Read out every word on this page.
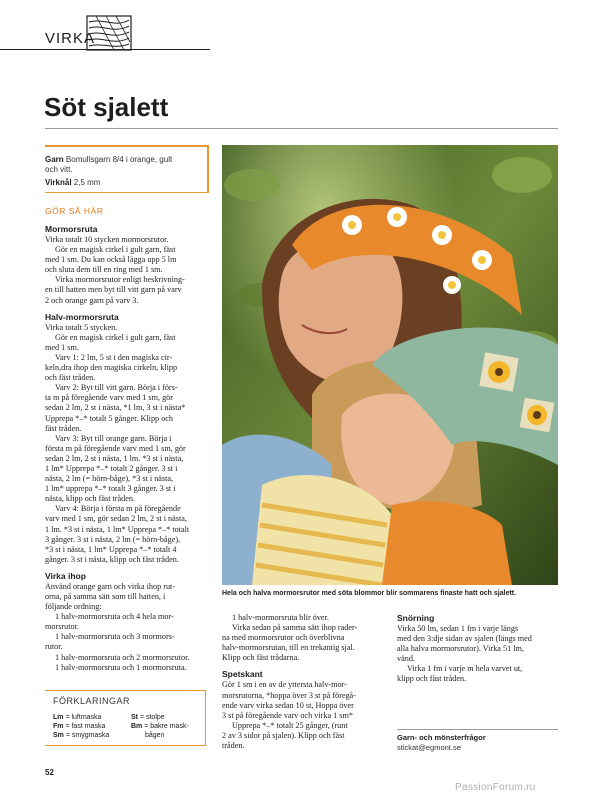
VIRKA
Söt sjalett
Garn Bomullsgarn 8/4 i orange, gult
och vitt.
Virknål 2,5 mm
GÖR SÅ HÄR
Mormorsruta

Virka totalt 10 stycken mormorsrutor.

Gör en magisk cirkel i gult garn, fäst

med 1 sm. Du kan också lägga upp 5 lm

och sluta dem till en ring med 1 sm.

Virka mormorsrutor enligt beskrivning-

en till hatten men byt till vitt garn på varv

2 och orange garn på varv 3.

Halv-mormorsruta

Virka totalt 5 stycken.

Gör en magisk cirkel i gult garn, fäst

med 1 sm.

Varv 1: 2 lm, 5 st i den magiska cir-

keln,dra ihop den magiska cirkeln, klipp

och fäst tråden.

Varv 2: Byt till vitt garn. Börja i förs-

ta m på föregående varv med 1 sm, gör

sedan 2 lm, 2 st i nästa, *1 lm, 3 st i nästa*

Upprepa *–* totalt 5 gånger. Klipp och

fäst tråden.

Varv 3: Byt till orange garn. Börja i

första m på föregående varv med 1 sm, gör

sedan 2 lm, 2 st i nästa, 1 lm. *3 st i nästa,

1 lm* Upprepa *–* totalt 2 gånger. 3 st i

nästa, 2 lm (= hörn-båge), *3 st i nästa,

1 lm* upprepa *–* totalt 3 gånger. 3 st i

nästa, klipp och fäst tråden.

Varv 4: Börja i första m på föregående

varv med 1 sm, gör sedan 2 lm, 2 st i nästa,

1 lm. *3 st i nästa, 1 lm* Upprepa *–* totalt

3 gånger. 3 st i nästa, 2 lm (= hörn-båge),

*3 st i nästa, 1 lm* Upprepa *–* totalt 4

gånger. 3 st i nästa, klipp och fäst tråden.

Virka ihop

Använd orange garn och virka ihop rut-

orna, på samma sätt som till hatten, i

följande ordning:

1 halv-mormorsruta och 4 hela mor-

morsrutor.

1 halv-mormorsruta och 3 mormors-

rutor.

1 halv-mormorsruta och 2 mormorsrutor.

1 halv-mormorsruta och 1 mormorsruta.

Hela och halva mormorsrutor med söta blommor blir sommarens finaste hatt och sjalett.

1 halv-mormorsruta blir över.

Virka sedan på samma sätt ihop rader-

na med mormorsrutor och överblivna

halv-mormorsrutan, till en trekantig sjal.

Klipp och fäst trådarna.

Spetskant

Gör 1 sm i en av de yttersta halv-mor-

morsrutorna, *hoppa över 3 st på föregå-

ende varv virka sedan 10 st, Hoppa över

3 st på föregående varv och virka 1 sm*

Upprepa *–* totalt 25 gånger, (runt

2 av 3 sidor på sjalen). Klipp och fäst

tråden.

Snörning

Virka 50 lm, sedan 1 fm i varje längs

med den 3:dje sidan av sjalen (längs med

alla halva mormorsrutor). Virka 51 lm,

vänd.

Virka 1 fm i varje m hela varvet ut,

klipp och fäst tråden.

FÖRKLARINGAR
Lm = luftmaska
Fm = fast maska
Sm = smygmaska
St = stolpe
Bm = bakre mask-
bågen	Garn- och mönsterfrågor
stickat@egmont.se
52
PassionForum.ru
